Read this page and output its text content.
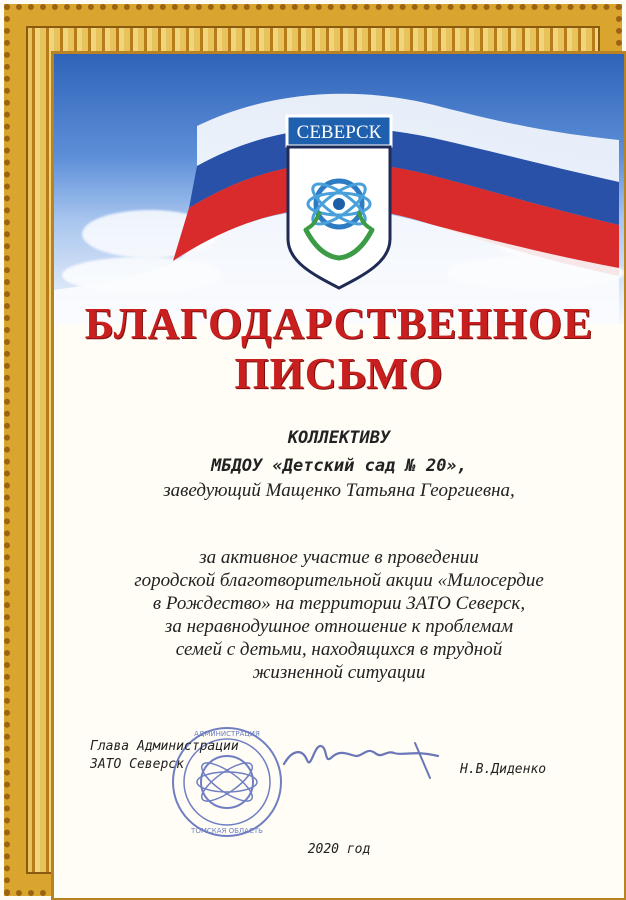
СЕВЕРСК
БЛАГОДАРСТВЕННОЕ
ПИСЬМО
КОЛЛЕКТИВУ
МБДОУ «Детский сад № 20»,
заведующий Мащенко Татьяна Георгиевна,
за активное участие в проведении
городской благотворительной акции «Милосердие
в Рождество» на территории ЗАТО Северск,
за неравнодушное отношение к проблемам
семей с детьми, находящихся в трудной
жизненной ситуации
АДМИНИСТРАЦИЯ
ТОМСКАЯ ОБЛАСТЬ
Глава Администрации
ЗАТО Северск	Н.В.Диденко
2020 год
